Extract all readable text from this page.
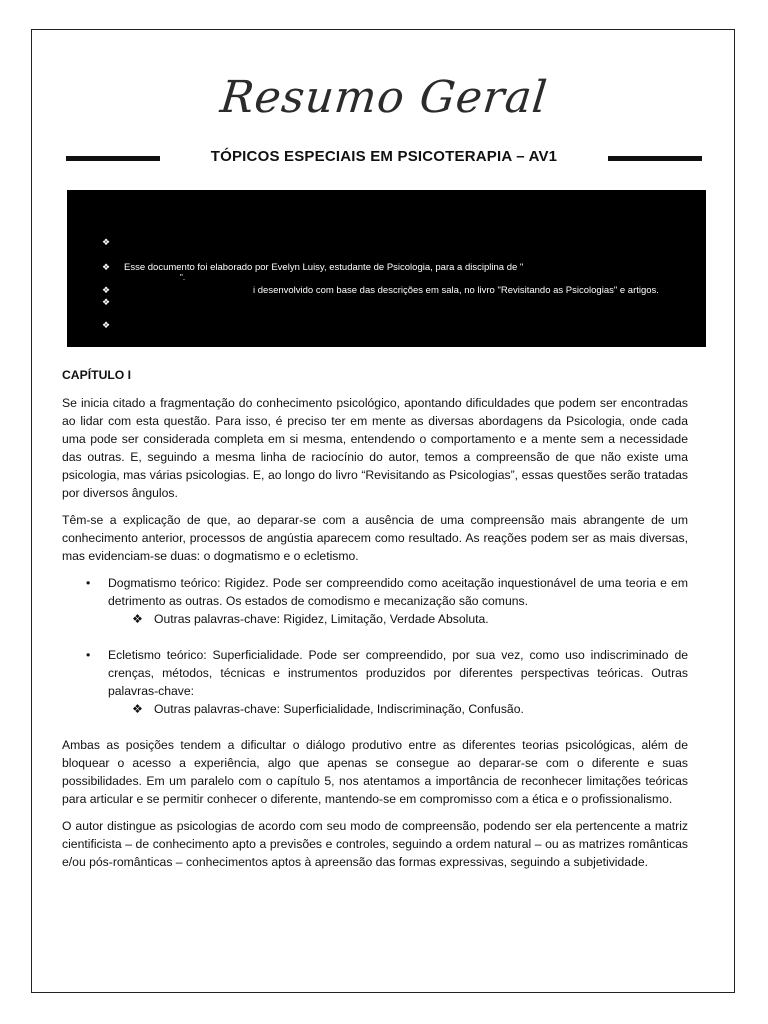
Resumo Geral
TÓPICOS ESPECIAIS EM PSICOTERAPIA – AV1
❖
❖ Esse documento foi elaborado por Evelyn Luisy, estudante de Psicologia, para a disciplina de "
".
❖	i desenvolvido com base das descrições em sala, no livro "Revisitando as Psicologias" e artigos.
❖
❖

CAPÍTULO I

Se inicia citado a fragmentação do conhecimento psicológico, apontando dificuldades que podem ser encontradas ao lidar com esta questão. Para isso, é preciso ter em mente as diversas abordagens da Psicologia, onde cada uma pode ser considerada completa em si mesma, entendendo o comportamento e a mente sem a necessidade das outras. E, seguindo a mesma linha de raciocínio do autor, temos a compreensão de que não existe uma psicologia, mas várias psicologias. E, ao longo do livro “Revisitando as Psicologias”, essas questões serão tratadas por diversos ângulos.

Têm-se a explicação de que, ao deparar-se com a ausência de uma compreensão mais abrangente de um conhecimento anterior, processos de angústia aparecem como resultado. As reações podem ser as mais diversas, mas evidenciam-se duas: o dogmatismo e o ecletismo.

• Dogmatismo teórico: Rigidez. Pode ser compreendido como aceitação inquestionável de uma teoria e em detrimento as outras. Os estados de comodismo e mecanização são comuns.
❖ Outras palavras-chave: Rigidez, Limitação, Verdade Absoluta.
• Ecletismo teórico: Superficialidade. Pode ser compreendido, por sua vez, como uso indiscriminado de crenças, métodos, técnicas e instrumentos produzidos por diferentes perspectivas teóricas. Outras palavras-chave:
❖ Outras palavras-chave: Superficialidade, Indiscriminação, Confusão.

Ambas as posições tendem a dificultar o diálogo produtivo entre as diferentes teorias psicológicas, além de bloquear o acesso a experiência, algo que apenas se consegue ao deparar-se com o diferente e suas possibilidades. Em um paralelo com o capítulo 5, nos atentamos a importância de reconhecer limitações teóricas para articular e se permitir conhecer o diferente, mantendo-se em compromisso com a ética e o profissionalismo.

O autor distingue as psicologias de acordo com seu modo de compreensão, podendo ser ela pertencente a matriz cientificista – de conhecimento apto a previsões e controles, seguindo a ordem natural – ou as matrizes românticas e/ou pós-românticas – conhecimentos aptos à apreensão das formas expressivas, seguindo a subjetividade.
